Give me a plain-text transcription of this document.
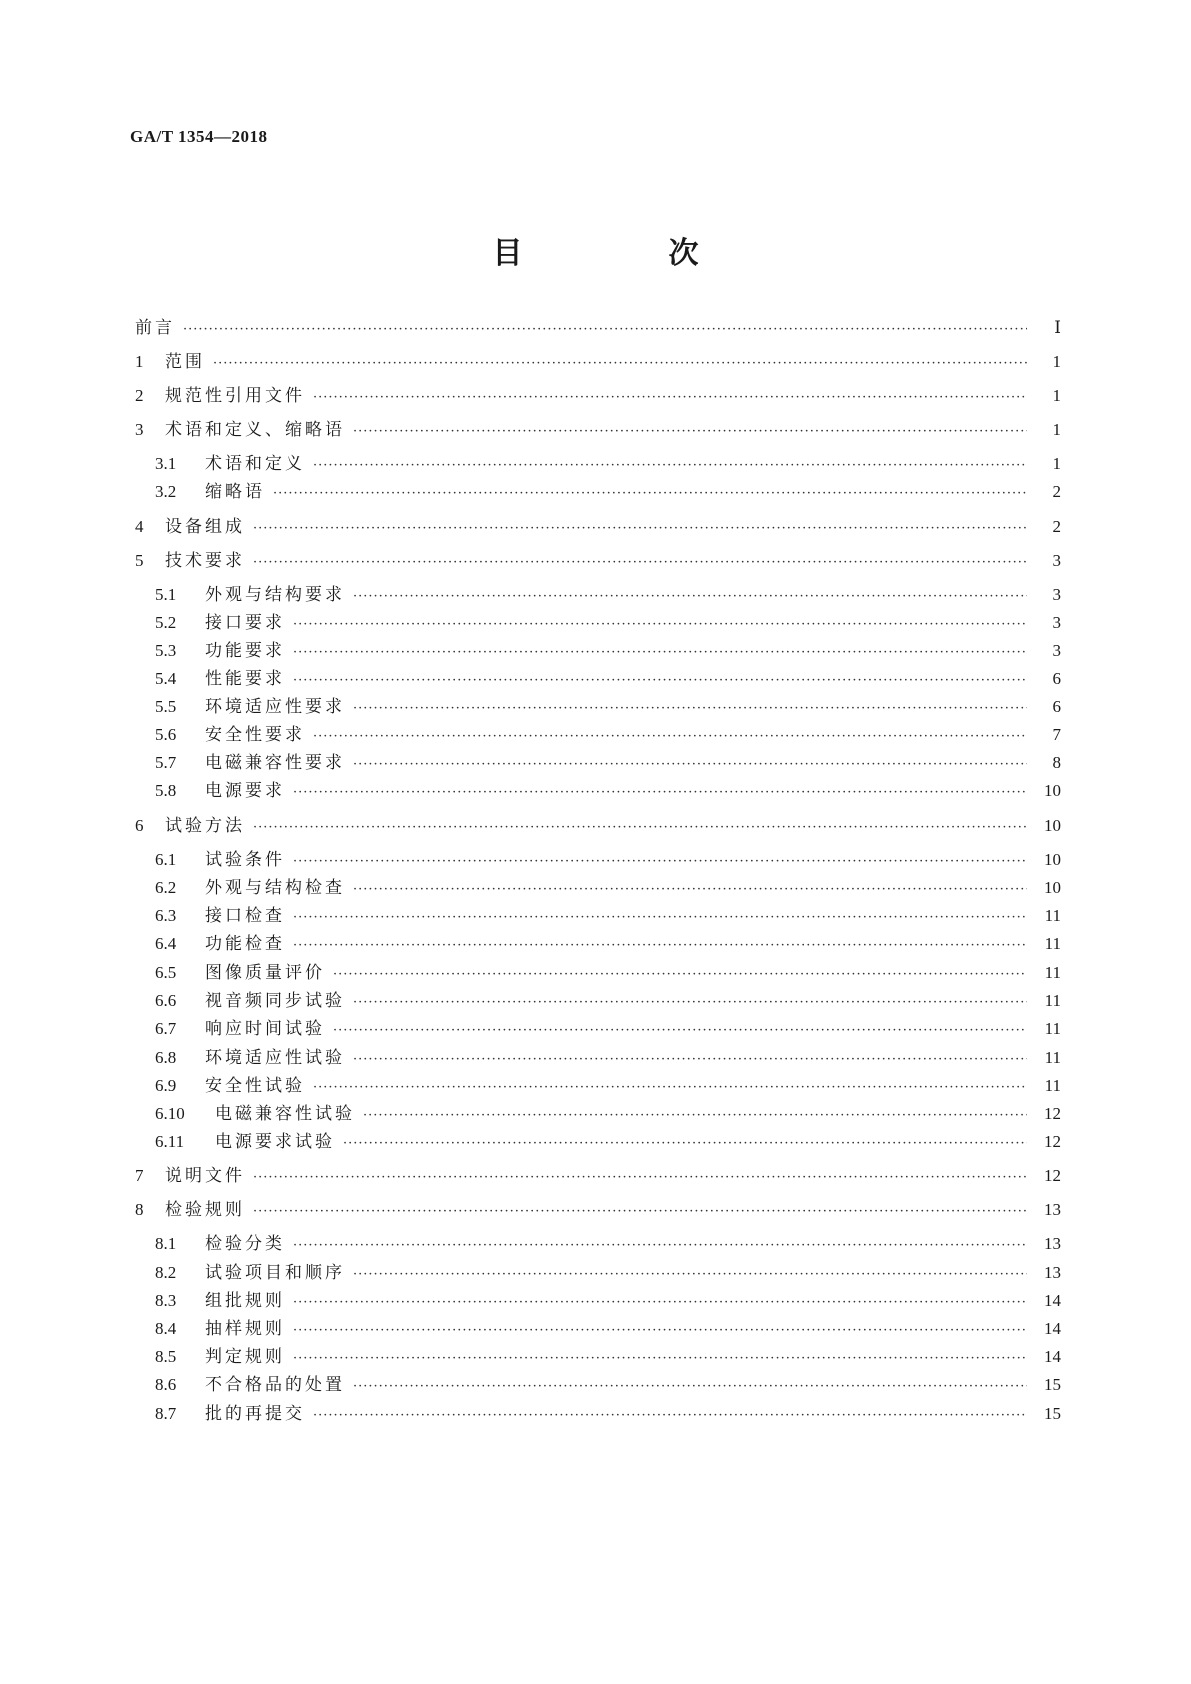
GA/T 1354—2018
目　次
前言 ·····	Ⅰ
1	范围 ·····	1
2	规范性引用文件 ·····	1
3	术语和定义、缩略语 ·····	1
3.1	术语和定义 ·····	1
3.2	缩略语 ·····	2
4	设备组成 ·····	2
5	技术要求 ·····	3
5.1	外观与结构要求 ·····	3
5.2	接口要求 ·····	3
5.3	功能要求 ·····	3
5.4	性能要求 ·····	6
5.5	环境适应性要求 ·····	6
5.6	安全性要求 ·····	7
5.7	电磁兼容性要求 ·····	8
5.8	电源要求 ·····	10
6	试验方法 ·····	10
6.1	试验条件 ·····	10
6.2	外观与结构检查 ·····	10
6.3	接口检查 ·····	11
6.4	功能检查 ·····	11
6.5	图像质量评价 ·····	11
6.6	视音频同步试验 ·····	11
6.7	响应时间试验 ·····	11
6.8	环境适应性试验 ·····	11
6.9	安全性试验 ·····	11
6.10	电磁兼容性试验 ·····	12
6.11	电源要求试验 ·····	12
7	说明文件 ·····	12
8	检验规则 ·····	13
8.1	检验分类 ·····	13
8.2	试验项目和顺序 ·····	13
8.3	组批规则 ·····	14
8.4	抽样规则 ·····	14
8.5	判定规则 ·····	14
8.6	不合格品的处置 ·····	15
8.7	批的再提交 ·····	15
